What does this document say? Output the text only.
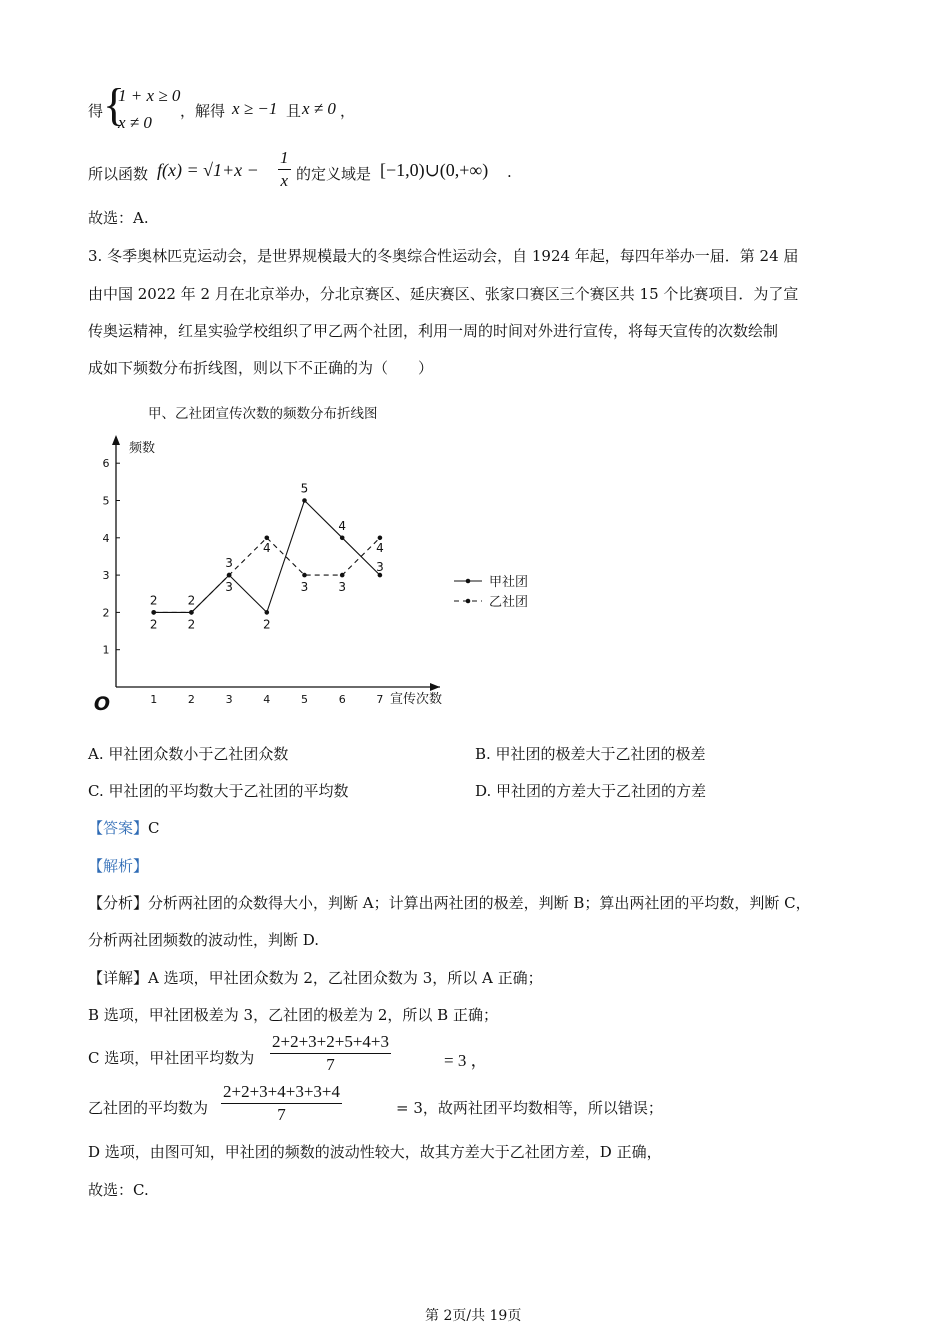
得 {
1 + x ≥ 0
x ≠ 0
，解得 x ≥ −1 且 x ≠ 0 ，
所以函数 $f(x) = √1+x - \frac{1}{x}$ 的定义域是 [−1,0)∪(0,+∞) .
故选：A.
3. 冬季奥林匹克运动会，是世界规模最大的冬奥综合性运动会，自 1924 年起，每四年举办一届．第 24 届
由中国 2022 年 2 月在北京举办，分北京赛区、延庆赛区、张家口赛区三个赛区共 15 个比赛项目．为了宣
传奥运精神，红星实验学校组织了甲乙两个社团，利用一周的时间对外进行宣传，将每天宣传的次数绘制
成如下频数分布折线图，则以下不正确的为（　　）
甲、乙社团宣传次数的频数分布折线图
1
2
3
4
5
6
1	2	3	4	5	6	7
频数
宣传次数
O
2
2
2
2
3
3
2
4
5
3
4
3
3
4
甲社团
乙社团
A. 甲社团众数小于乙社团众数	B. 甲社团的极差大于乙社团的极差
C. 甲社团的平均数大于乙社团的平均数	D. 甲社团的方差大于乙社团的方差
【答案】C
【解析】
【分析】分析两社团的众数得大小，判断 A；计算出两社团的极差，判断 B；算出两社团的平均数，判断 C，
分析两社团频数的波动性，判断 D.
【详解】A 选项，甲社团众数为 2，乙社团众数为 3，所以 A 正确；
B 选项，甲社团极差为 3，乙社团的极差为 2，所以 B 正确；
C 选项，甲社团平均数为 $\frac{2+2+3+2+5+4+3}{7}$	= 3 ，
乙社团的平均数为 $\frac{2+2+3+4+3+3+4}{7}$	= 3，故两社团平均数相等，所以错误；
D 选项，由图可知，甲社团的频数的波动性较大，故其方差大于乙社团方差，D 正确，
故选：C.
第 2页/共 19页
